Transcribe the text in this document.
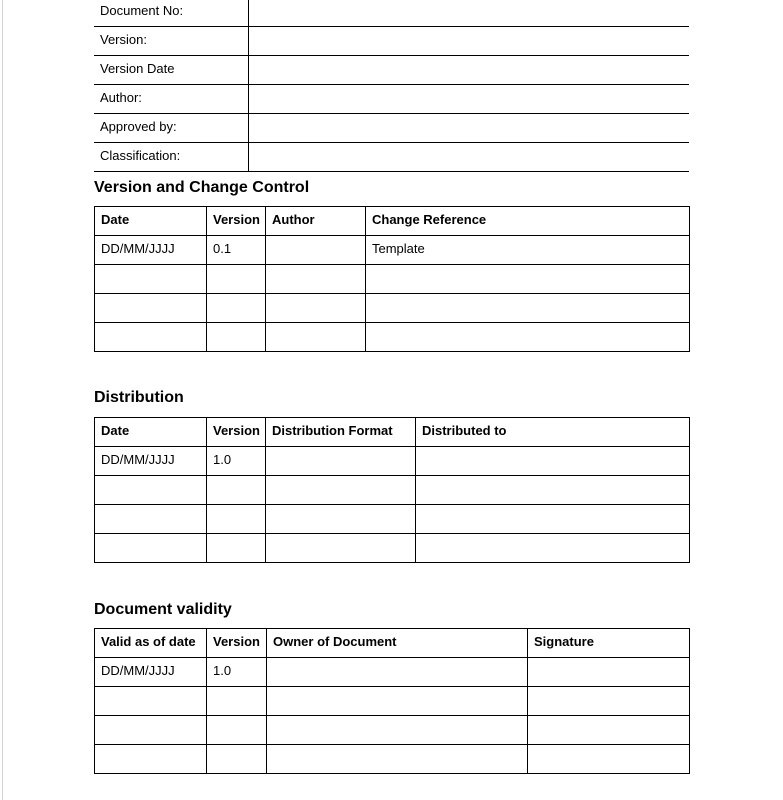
Document No:	
Version:	
Version Date	
Author:	
Approved by:	
Classification:	
Version and Change Control
Date	Version	Author	Change Reference
DD/MM/JJJJ	0.1		Template

Distribution
Date	Version	Distribution Format	Distributed to
DD/MM/JJJJ	1.0		

Document validity
Valid as of date	Version	Owner of Document	Signature
DD/MM/JJJJ	1.0		
